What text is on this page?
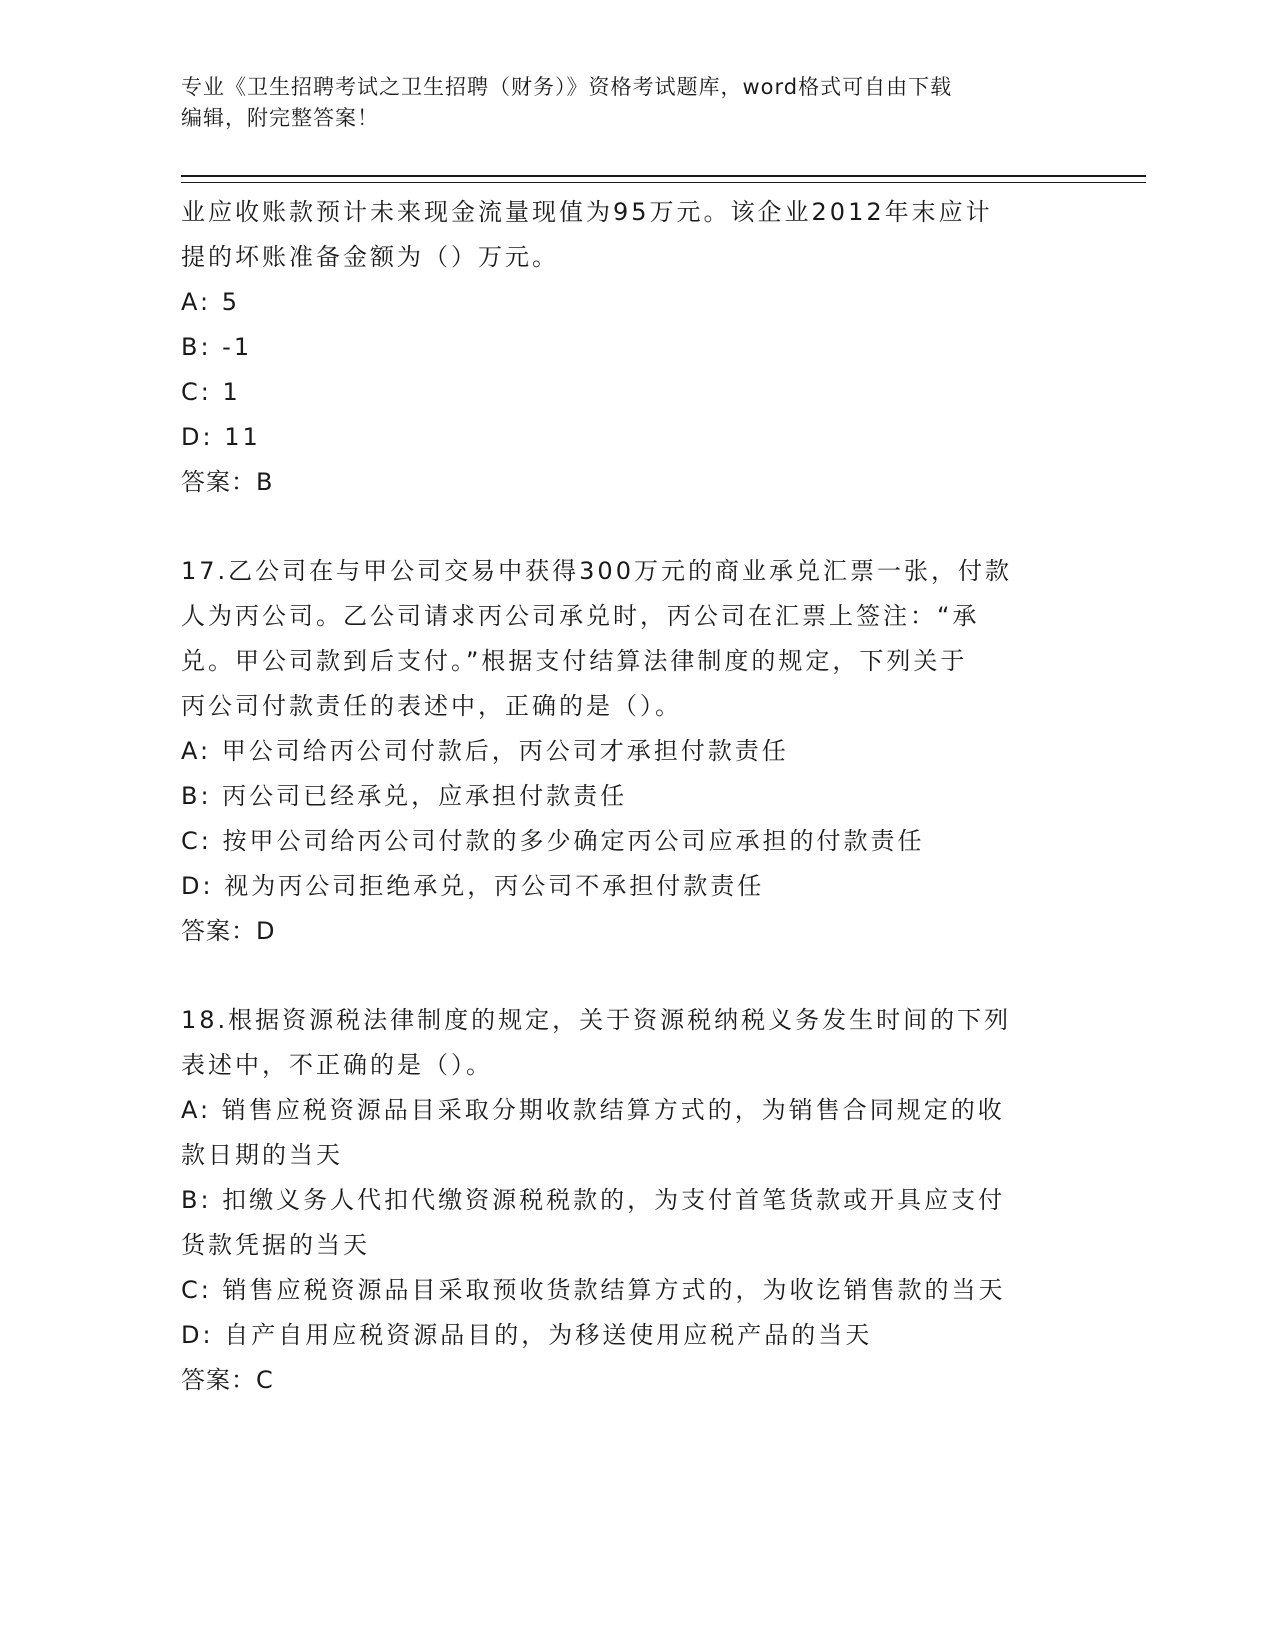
专业《卫生招聘考试之卫生招聘（财务）》资格考试题库，word格式可自由下载
编辑，附完整答案！
业应收账款预计未来现金流量现值为95万元。该企业2012年末应计
提的坏账准备金额为（）万元。
A: 5
B: -1
C: 1
D: 11
答案：B
17.乙公司在与甲公司交易中获得300万元的商业承兑汇票一张，付款
人为丙公司。乙公司请求丙公司承兑时，丙公司在汇票上签注：“承
兑。甲公司款到后支付。”根据支付结算法律制度的规定，下列关于
丙公司付款责任的表述中，正确的是（）。
A: 甲公司给丙公司付款后，丙公司才承担付款责任
B: 丙公司已经承兑，应承担付款责任
C: 按甲公司给丙公司付款的多少确定丙公司应承担的付款责任
D: 视为丙公司拒绝承兑，丙公司不承担付款责任
答案：D
18.根据资源税法律制度的规定，关于资源税纳税义务发生时间的下列
表述中，不正确的是（）。
A: 销售应税资源品目采取分期收款结算方式的，为销售合同规定的收
款日期的当天
B: 扣缴义务人代扣代缴资源税税款的，为支付首笔货款或开具应支付
货款凭据的当天
C: 销售应税资源品目采取预收货款结算方式的，为收讫销售款的当天
D: 自产自用应税资源品目的，为移送使用应税产品的当天
答案：C
